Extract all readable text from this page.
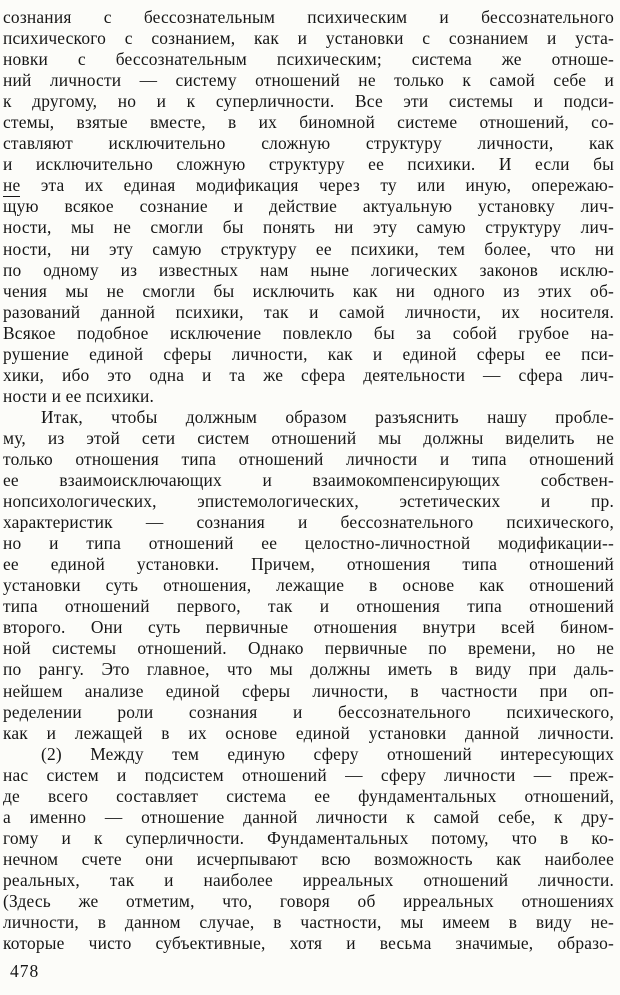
сознания с бессознательным психическим и бессознательного
психического с сознанием, как и установки с сознанием и уста-
новки с бессознательным психическим; система же отноше-
ний личности — систему отношений не только к самой себе и
к другому, но и к суперличности. Все эти системы и подси-
стемы, взятые вместе, в их биномной системе отношений, со-
ставляют исключительно сложную структуру личности, как
и исключительно сложную структуру ее психики. И если бы
не эта их единая модификация через ту или иную, опережаю-
щую всякое сознание и действие актуальную установку лич-
ности, мы не смогли бы понять ни эту самую структуру лич-
ности, ни эту самую структуру ее психики, тем более, что ни
по одному из известных нам ныне логических законов исклю-
чения мы не смогли бы исключить как ни одного из этих об-
разований данной психики, так и самой личности, их носителя.
Всякое подобное исключение повлекло бы за собой грубое на-
рушение единой сферы личности, как и единой сферы ее пси-
хики, ибо это одна и та же сфера деятельности — сфера лич-
ности и ее психики.
Итак, чтобы должным образом разъяснить нашу пробле-
му, из этой сети систем отношений мы должны виделить не
только отношения типа отношений личности и типа отношений
ее взаимоисключающих и взаимокомпенсирующих собствен-
нопсихологических, эпистемологических, эстетических и пр.
характеристик — сознания и бессознательного психического,
но и типа отношений ее целостно-личностной модификации--
ее единой установки. Причем, отношения типа отношений
установки суть отношения, лежащие в основе как отношений
типа отношений первого, так и отношения типа отношений
второго. Они суть первичные отношения внутри всей бином-
ной системы отношений. Однако первичные по времени, но не
по рангу. Это главное, что мы должны иметь в виду при даль-
нейшем анализе единой сферы личности, в частности при оп-
ределении роли сознания и бессознательного психического,
как и лежащей в их основе единой установки данной личности.
(2) Между тем единую сферу отношений интересующих
нас систем и подсистем отношений — сферу личности — преж-
де всего составляет система ее фундаментальных отношений,
а именно — отношение данной личности к самой себе, к дру-
гому и к суперличности. Фундаментальных потому, что в ко-
нечном счете они исчерпывают всю возможность как наиболее
реальных, так и наиболее ирреальных отношений личности.
(Здесь же отметим, что, говоря об ирреальных отношениях
личности, в данном случае, в частности, мы имеем в виду не-
которые чисто субъективные, хотя и весьма значимые, образо-
478
